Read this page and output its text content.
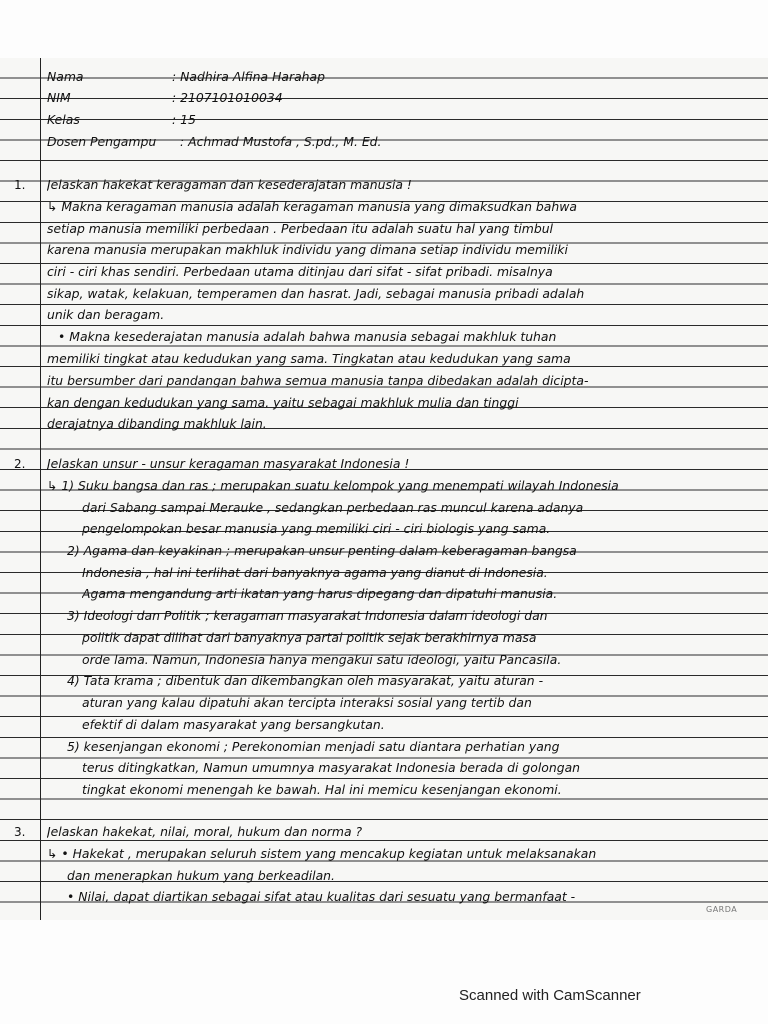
Nama	: Nadhira Alfina Harahap
NIM	: 2107101010034
Kelas	: 15
Dosen Pengampu	: Achmad Mustofa , S.pd., M. Ed.
1. Jelaskan hakekat keragaman dan kesederajatan manusia !
↳ Makna keragaman manusia adalah keragaman manusia yang dimaksudkan bahwa
setiap manusia memiliki perbedaan . Perbedaan itu adalah suatu hal yang timbul
karena manusia merupakan makhluk individu yang dimana setiap individu memiliki
ciri - ciri khas sendiri. Perbedaan utama ditinjau dari sifat - sifat pribadi. misalnya
sikap, watak, kelakuan, temperamen dan hasrat. Jadi, sebagai manusia pribadi adalah
unik dan beragam.
• Makna kesederajatan manusia adalah bahwa manusia sebagai makhluk tuhan
memiliki tingkat atau kedudukan yang sama. Tingkatan atau kedudukan yang sama
itu bersumber dari pandangan bahwa semua manusia tanpa dibedakan adalah dicipta-
kan dengan kedudukan yang sama. yaitu sebagai makhluk mulia dan tinggi
derajatnya dibanding makhluk lain.
2. Jelaskan unsur - unsur keragaman masyarakat Indonesia !
↳ 1) Suku bangsa dan ras ; merupakan suatu kelompok yang menempati wilayah Indonesia
dari Sabang sampai Merauke , sedangkan perbedaan ras muncul karena adanya
pengelompokan besar manusia yang memiliki ciri - ciri biologis yang sama.
2) Agama dan keyakinan ; merupakan unsur penting dalam keberagaman bangsa
Indonesia , hal ini terlihat dari banyaknya agama yang dianut di Indonesia.
Agama mengandung arti ikatan yang harus dipegang dan dipatuhi manusia.
3) Ideologi dan Politik ; keragaman masyarakat Indonesia dalam ideologi dan
politik dapat dilihat dari banyaknya partai politik sejak berakhirnya masa
orde lama. Namun, Indonesia hanya mengakui satu ideologi, yaitu Pancasila.
4) Tata krama ; dibentuk dan dikembangkan oleh masyarakat, yaitu aturan -
aturan yang kalau dipatuhi akan tercipta interaksi sosial yang tertib dan
efektif di dalam masyarakat yang bersangkutan.
5) kesenjangan ekonomi ; Perekonomian menjadi satu diantara perhatian yang
terus ditingkatkan, Namun umumnya masyarakat Indonesia berada di golongan
tingkat ekonomi menengah ke bawah. Hal ini memicu kesenjangan ekonomi.
3. Jelaskan hakekat, nilai, moral, hukum dan norma ?
↳ • Hakekat , merupakan seluruh sistem yang mencakup kegiatan untuk melaksanakan
dan menerapkan hukum yang berkeadilan.
• Nilai, dapat diartikan sebagai sifat atau kualitas dari sesuatu yang bermanfaat -
GARDA
Scanned with CamScanner
